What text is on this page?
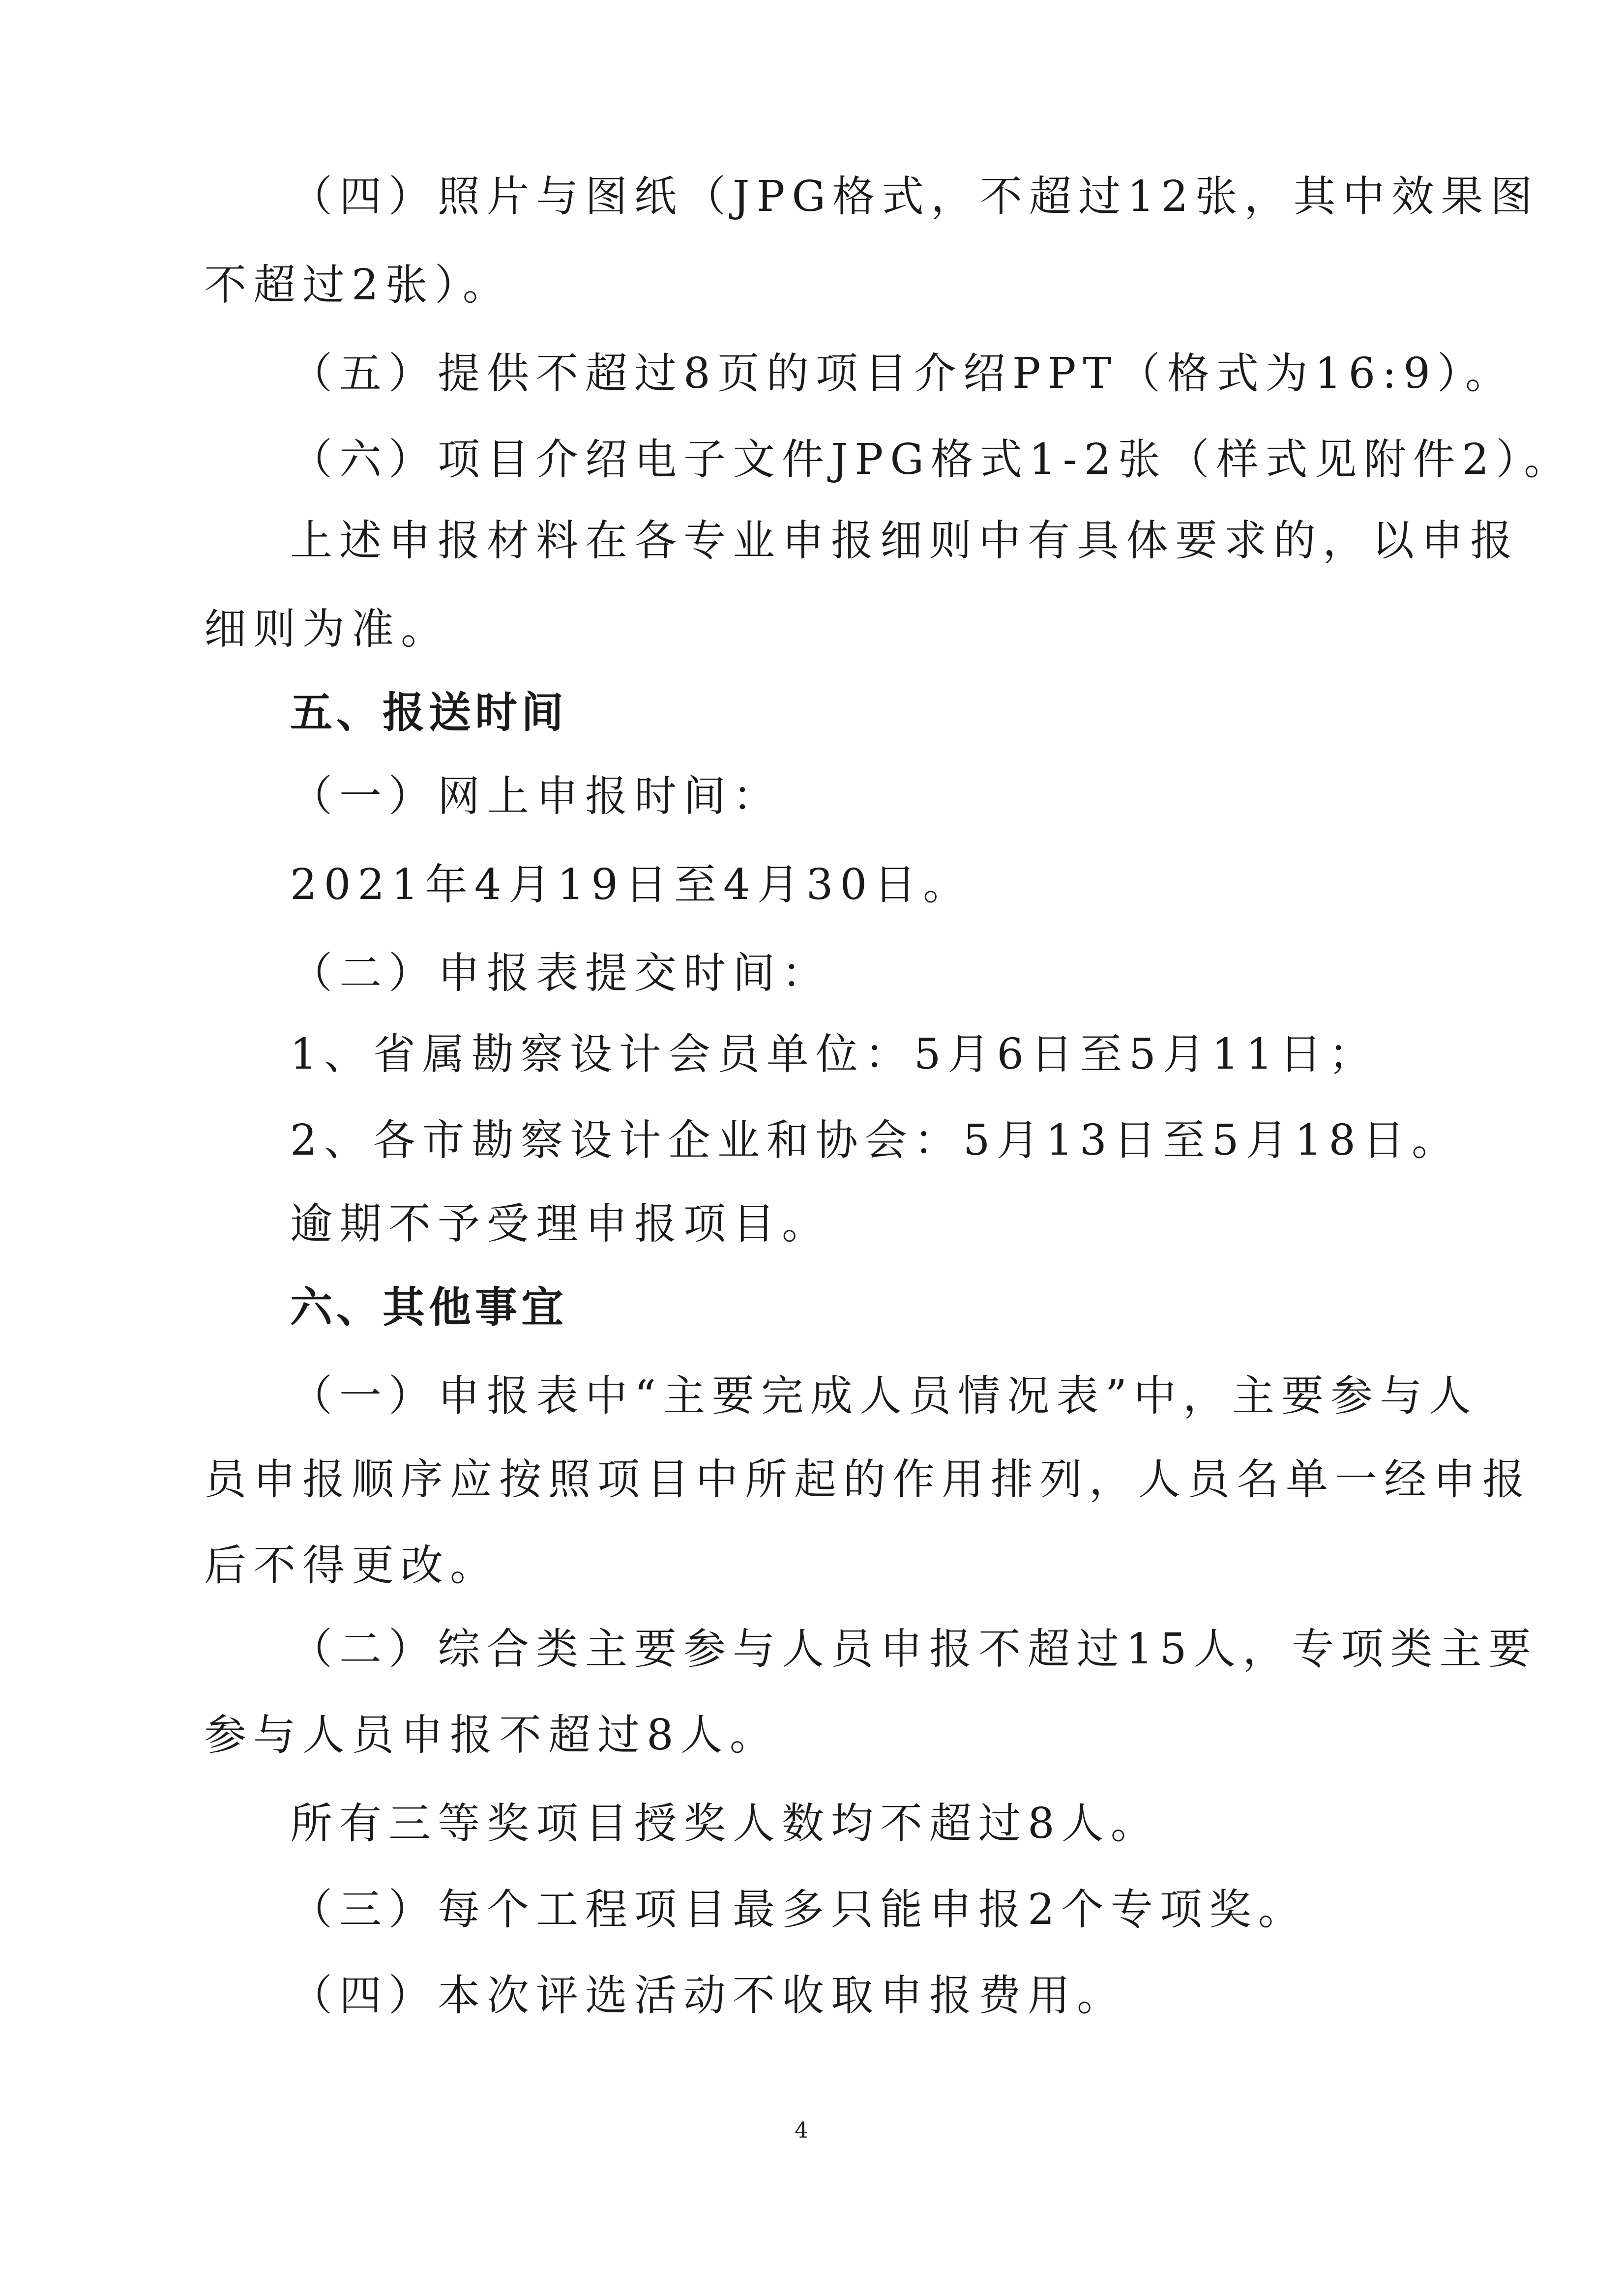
（四）照片与图纸（JPG格式，不超过12张，其中效果图
不超过2张）。
（五）提供不超过8页的项目介绍PPT（格式为16:9）。
（六）项目介绍电子文件JPG格式1-2张（样式见附件2）。
上述申报材料在各专业申报细则中有具体要求的，以申报
细则为准。
五、报送时间
（一）网上申报时间：
2021年4月19日至4月30日。
（二）申报表提交时间：
1、省属勘察设计会员单位：5月6日至5月11日；
2、各市勘察设计企业和协会：5月13日至5月18日。
逾期不予受理申报项目。
六、其他事宜
（一）申报表中“主要完成人员情况表”中，主要参与人
员申报顺序应按照项目中所起的作用排列，人员名单一经申报
后不得更改。
（二）综合类主要参与人员申报不超过15人，专项类主要
参与人员申报不超过8人。
所有三等奖项目授奖人数均不超过8人。
（三）每个工程项目最多只能申报2个专项奖。
（四）本次评选活动不收取申报费用。
4
